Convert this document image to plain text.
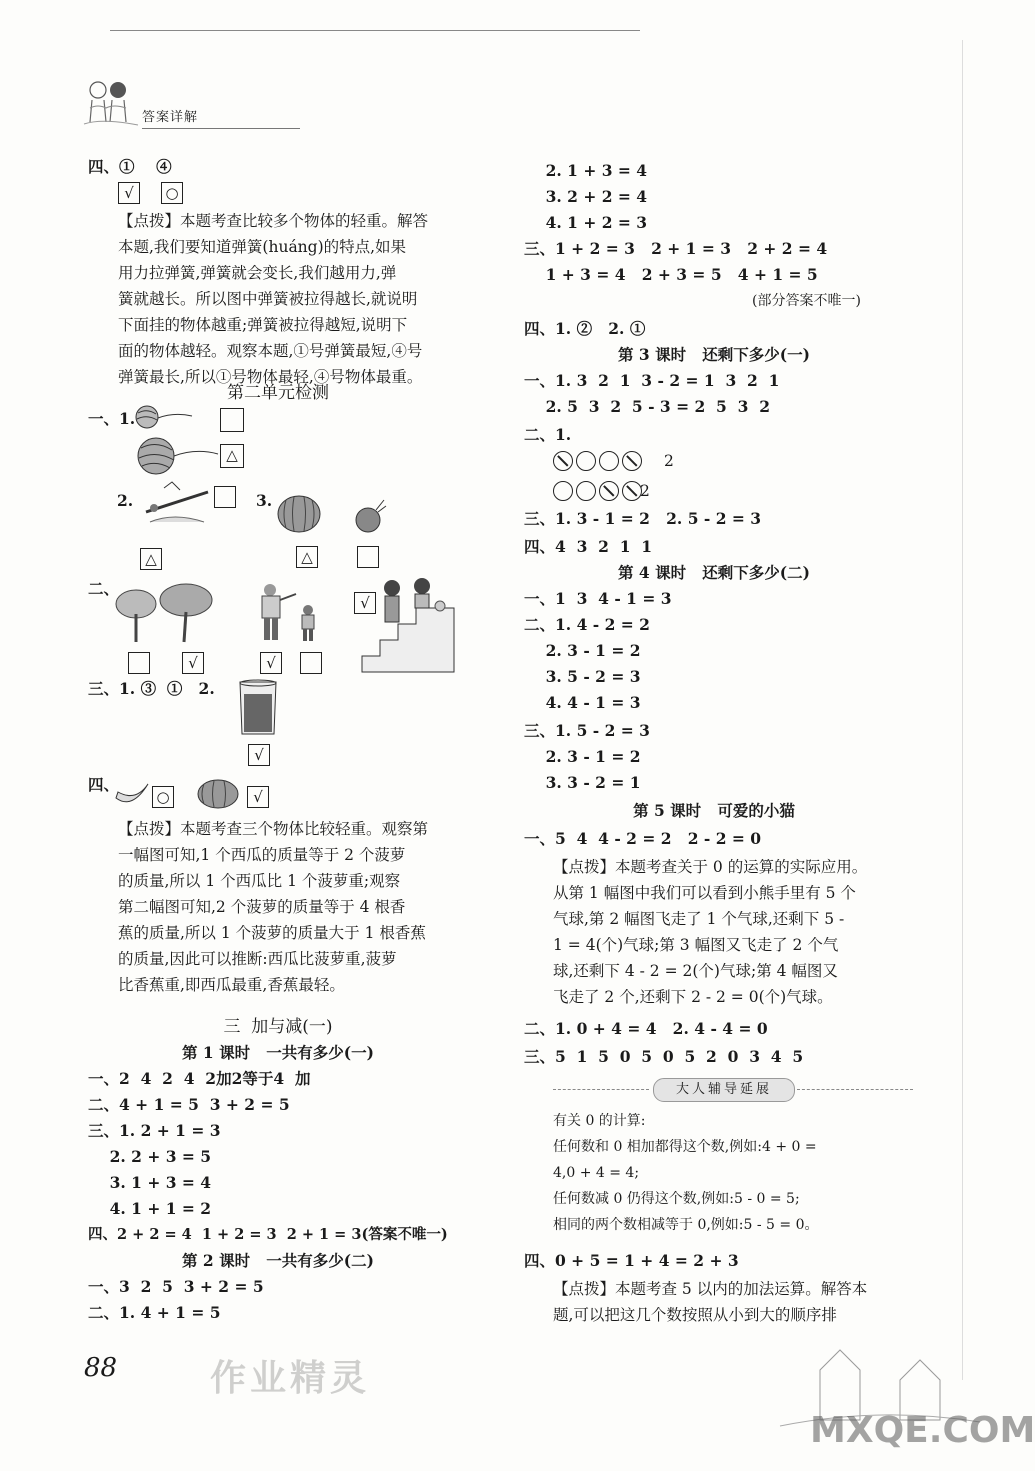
答案详解
四、①    ④
√	○
【点拨】本题考查比较多个物体的轻重。解答
本题,我们要知道弹簧(huáng)的特点,如果
用力拉弹簧,弹簧就会变长,我们越用力,弹
簧就越长。所以图中弹簧被拉得越长,就说明
下面挂的物体越重;弹簧被拉得越短,说明下
面的物体越轻。观察本题,①号弹簧最短,④号
弹簧最长,所以①号物体最轻,④号物体最重。
第二单元检测
一、1.
△
2.
△
3.
△
二、
√
√	√
三、1. ③  ①   2.
√
四、
○	√
【点拨】本题考查三个物体比较轻重。观察第
一幅图可知,1 个西瓜的质量等于 2 个菠萝
的质量,所以 1 个西瓜比 1 个菠萝重;观察
第二幅图可知,2 个菠萝的质量等于 4 根香
蕉的质量,所以 1 个菠萝的质量大于 1 根香蕉
的质量,因此可以推断:西瓜比菠萝重,菠萝
比香蕉重,即西瓜最重,香蕉最轻。
三  加与减(一)
第 1 课时   一共有多少(一)
一、2  4  2  4  2加2等于4  加
二、4 + 1 = 5  3 + 2 = 5
三、1. 2 + 1 = 3
2. 2 + 3 = 5
3. 1 + 3 = 4
4. 1 + 1 = 2
四、2 + 2 = 4  1 + 2 = 3  2 + 1 = 3(答案不唯一)
第 2 课时   一共有多少(二)
一、3  2  5  3 + 2 = 5
二、1. 4 + 1 = 5
88	作业精灵
2. 1 + 3 = 4
3. 2 + 2 = 4
4. 1 + 2 = 3
三、1 + 2 = 3   2 + 1 = 3   2 + 2 = 4
1 + 3 = 4   2 + 3 = 5   4 + 1 = 5
(部分答案不唯一)
四、1. ②   2. ①
第 3 课时   还剩下多少(一)
一、1. 3  2  1  3 - 2 = 1  3  2  1
2. 5  3  2  5 - 3 = 2  5  3  2
二、1.
2
2
三、1. 3 - 1 = 2   2. 5 - 2 = 3
四、4  3  2  1  1
第 4 课时   还剩下多少(二)
一、1  3  4 - 1 = 3
二、1. 4 - 2 = 2
2. 3 - 1 = 2
3. 5 - 2 = 3
4. 4 - 1 = 3
三、1. 5 - 2 = 3
2. 3 - 1 = 2
3. 3 - 2 = 1
第 5 课时   可爱的小猫
一、5  4  4 - 2 = 2   2 - 2 = 0
【点拨】本题考查关于 0 的运算的实际应用。
从第 1 幅图中我们可以看到小熊手里有 5 个
气球,第 2 幅图飞走了 1 个气球,还剩下 5 -
1 = 4(个)气球;第 3 幅图又飞走了 2 个气
球,还剩下 4 - 2 = 2(个)气球;第 4 幅图又
飞走了 2 个,还剩下 2 - 2 = 0(个)气球。
二、1. 0 + 4 = 4   2. 4 - 4 = 0
三、5  1  5  0  5  0  5  2  0  3  4  5
大人辅导延展
有关 0 的计算:
任何数和 0 相加都得这个数,例如:4 + 0 =
4,0 + 4 = 4;
任何数减 0 仍得这个数,例如:5 - 0 = 5;
相同的两个数相减等于 0,例如:5 - 5 = 0。
四、0 + 5 = 1 + 4 = 2 + 3
【点拨】本题考查 5 以内的加法运算。解答本
题,可以把这几个数按照从小到大的顺序排
MXQE.COM
